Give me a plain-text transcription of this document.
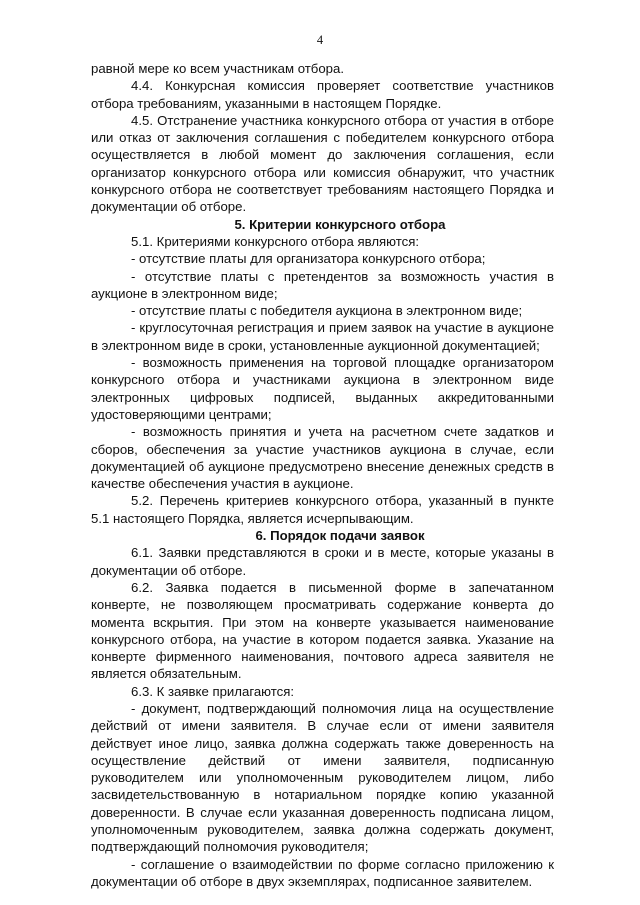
4

равной мере ко всем участникам отбора.

4.4. Конкурсная комиссия проверяет соответствие участников отбора требованиям, указанными в настоящем Порядке.

4.5. Отстранение участника конкурсного отбора от участия в отборе или отказ от заключения соглашения с победителем конкурсного отбора осуществляется в любой момент до заключения соглашения, если организатор конкурсного отбора или комиссия обнаружит, что участник конкурсного отбора не соответствует требованиям настоящего Порядка и документации об отборе.

5. Критерии конкурсного отбора

5.1. Критериями конкурсного отбора являются:

- отсутствие платы для организатора конкурсного отбора;

- отсутствие платы с претендентов за возможность участия в аукционе в электронном виде;

- отсутствие платы с победителя аукциона в электронном виде;

- круглосуточная регистрация и прием заявок на участие в аукционе в электронном виде в сроки, установленные аукционной документацией;

- возможность применения на торговой площадке организатором конкурсного отбора и участниками аукциона в электронном виде электронных цифровых подписей, выданных аккредитованными удостоверяющими центрами;

- возможность принятия и учета на расчетном счете задатков и сборов, обеспечения за участие участников аукциона в случае, если документацией об аукционе предусмотрено внесение денежных средств в качестве обеспечения участия в аукционе.

5.2. Перечень критериев конкурсного отбора, указанный в пункте 5.1 настоящего Порядка, является исчерпывающим.

6. Порядок подачи заявок

6.1. Заявки представляются в сроки и в месте, которые указаны в документации об отборе.

6.2. Заявка подается в письменной форме в запечатанном конверте, не позволяющем просматривать содержание конверта до момента вскрытия. При этом на конверте указывается наименование конкурсного отбора, на участие в котором подается заявка. Указание на конверте фирменного наименования, почтового адреса заявителя не является обязательным.

6.3. К заявке прилагаются:

- документ, подтверждающий полномочия лица на осуществление действий от имени заявителя. В случае если от имени заявителя действует иное лицо, заявка должна содержать также доверенность на осуществление действий от имени заявителя, подписанную руководителем или уполномоченным руководителем лицом, либо засвидетельствованную в нотариальном порядке копию указанной доверенности. В случае если указанная доверенность подписана лицом, уполномоченным руководителем, заявка должна содержать документ, подтверждающий полномочия руководителя;

- соглашение о взаимодействии по форме согласно приложению к документации об отборе в двух экземплярах, подписанное заявителем.
